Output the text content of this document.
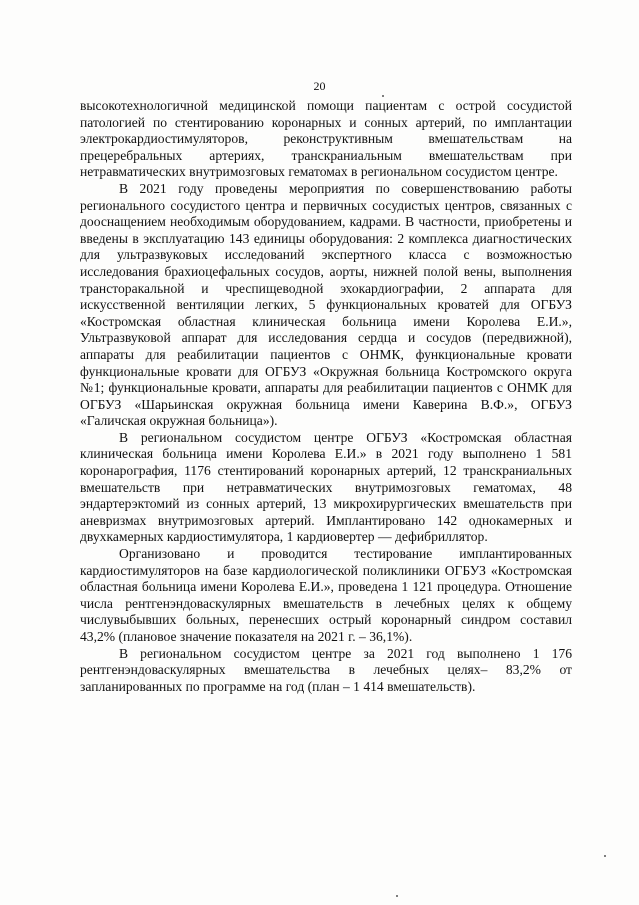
20

высокотехнологичной медицинской помощи пациентам с острой сосудистой патологией по стентированию коронарных и сонных артерий, по имплантации электрокардиостимуляторов, реконструктивным вмешательствам на прецеребральных артериях, транскраниальным вмешательствам при нетравматических внутримозговых гематомах в региональном сосудистом центре.

В 2021 году проведены мероприятия по совершенствованию работы регионального сосудистого центра и первичных сосудистых центров, связанных с дооснащением необходимым оборудованием, кадрами. В частности, приобретены и введены в эксплуатацию 143 единицы оборудования: 2 комплекса диагностических для ультразвуковых исследований экспертного класса с возможностью исследования брахиоцефальных сосудов, аорты, нижней полой вены, выполнения трансторакальной и чреспищеводной эхокардиографии, 2 аппарата для искусственной вентиляции легких, 5 функциональных кроватей для ОГБУЗ «Костромская областная клиническая больница имени Королева Е.И.», Ультразвуковой аппарат для исследования сердца и сосудов (передвижной), аппараты для реабилитации пациентов с ОНМК, функциональные кровати функциональные кровати для ОГБУЗ «Окружная больница Костромского округа №1; функциональные кровати, аппараты для реабилитации пациентов с ОНМК для ОГБУЗ «Шарьинская окружная больница имени Каверина В.Ф.», ОГБУЗ «Галичская окружная больница»).

В региональном сосудистом центре ОГБУЗ «Костромская областная клиническая больница имени Королева Е.И.» в 2021 году выполнено 1 581 коронарография, 1176 стентирований коронарных артерий, 12 транскраниальных вмешательств при нетравматических внутримозговых гематомах, 48 эндартерэктомий из сонных артерий, 13 микрохирургических вмешательств при аневризмах внутримозговых артерий. Имплантировано 142 однокамерных и двухкамерных кардиостимулятора, 1 кардиовертер — дефибриллятор.

Организовано и проводится тестирование имплантированных кардиостимуляторов на базе кардиологической поликлиники ОГБУЗ «Костромская областная больница имени Королева Е.И.», проведена 1 121 процедура. Отношение числа рентгенэндоваскулярных вмешательств в лечебных целях к общему числувыбывших больных, перенесших острый коронарный синдром составил 43,2% (плановое значение показателя на 2021 г. – 36,1%).

В региональном сосудистом центре за 2021 год выполнено 1 176 рентгенэндоваскулярных вмешательства в лечебных целях– 83,2% от запланированных по программе на год (план – 1 414 вмешательств).
